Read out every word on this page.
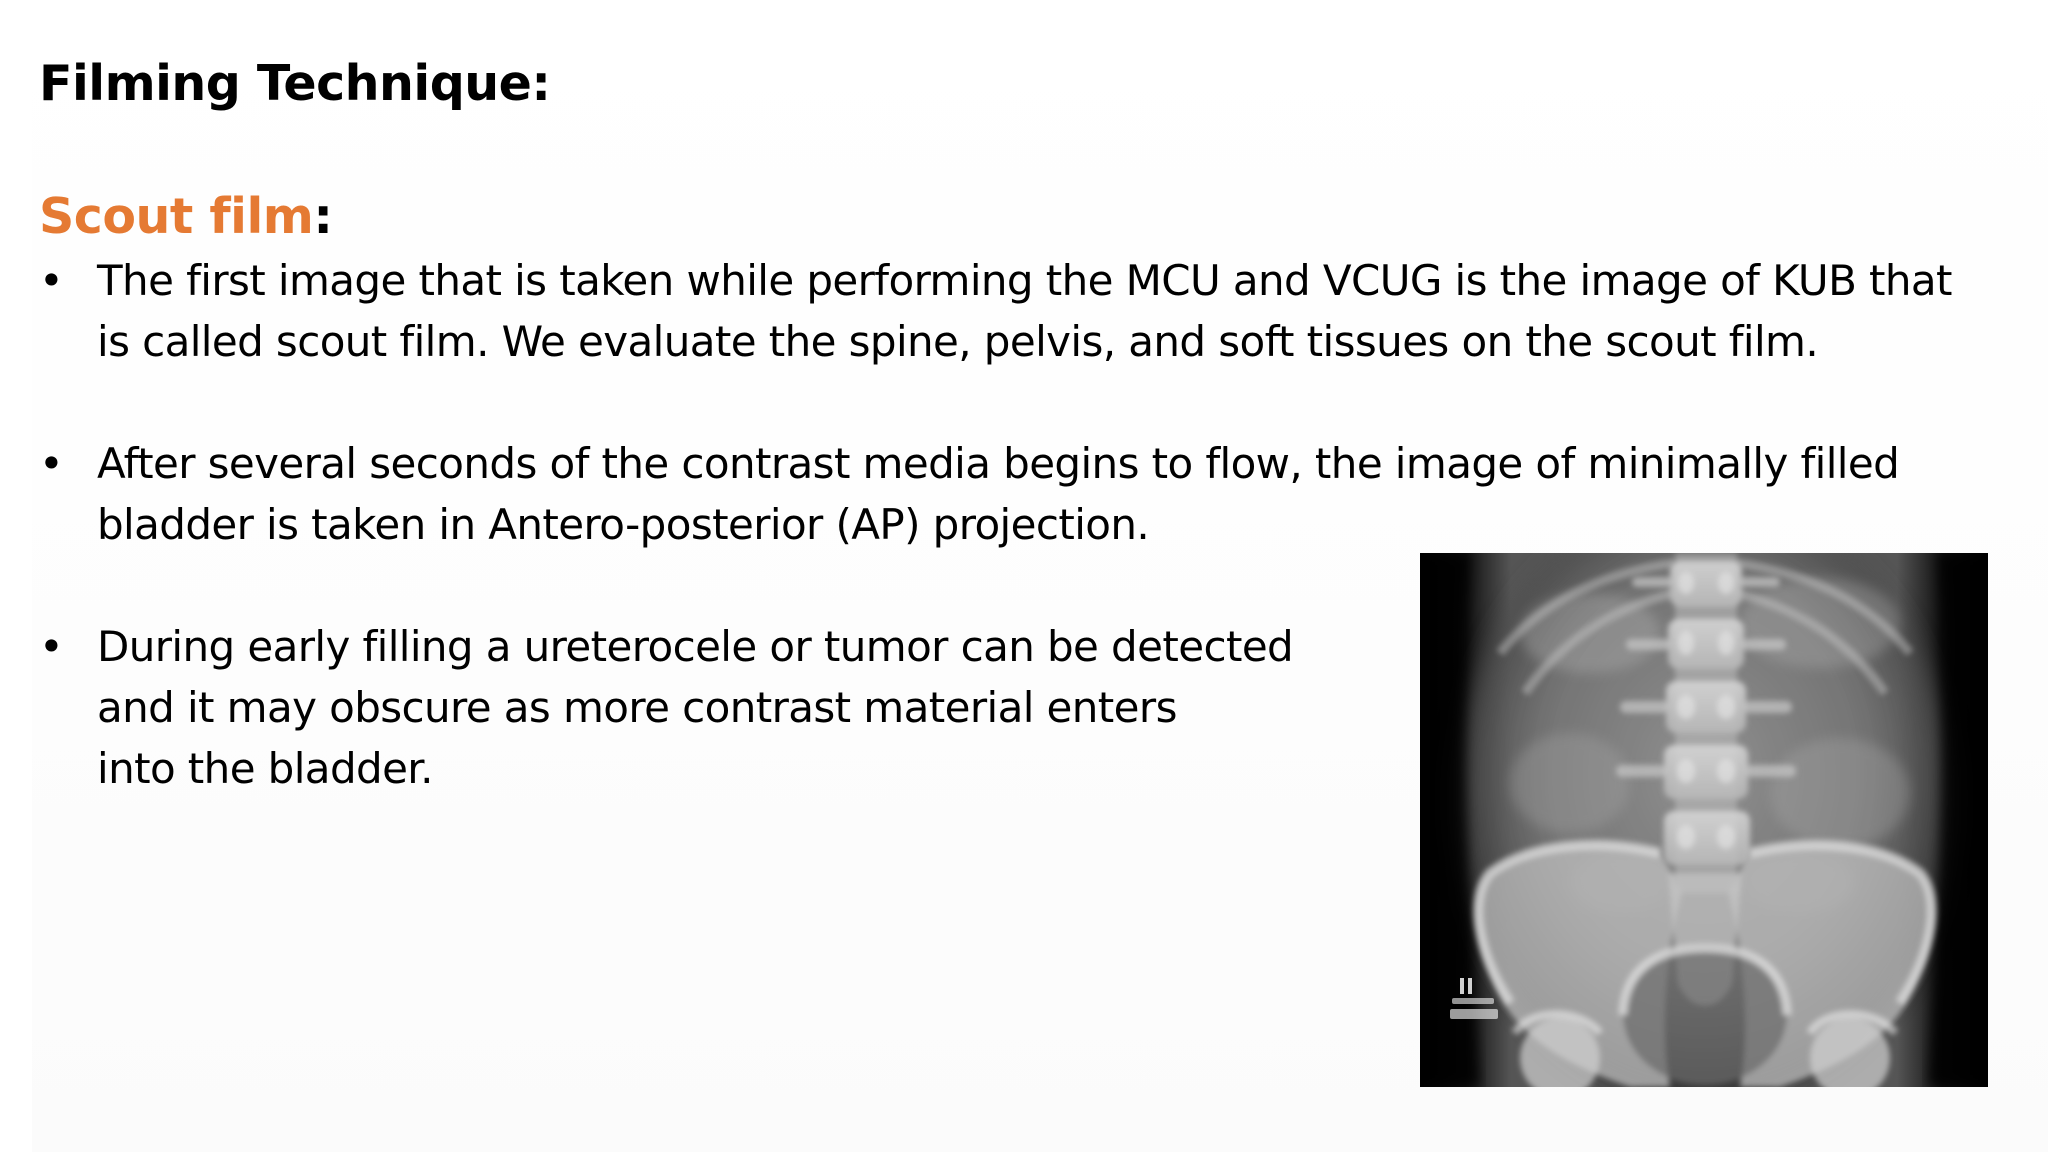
Filming Technique:
Scout film:
• The first image that is taken while performing the MCU and VCUG is the image of KUB that
is called scout film. We evaluate the spine, pelvis, and soft tissues on the scout film.
• After several seconds of the contrast media begins to flow, the image of minimally filled
bladder is taken in Antero-posterior (AP) projection.
• During early filling a ureterocele or tumor can be detected
and it may obscure as more contrast material enters
into the bladder.
